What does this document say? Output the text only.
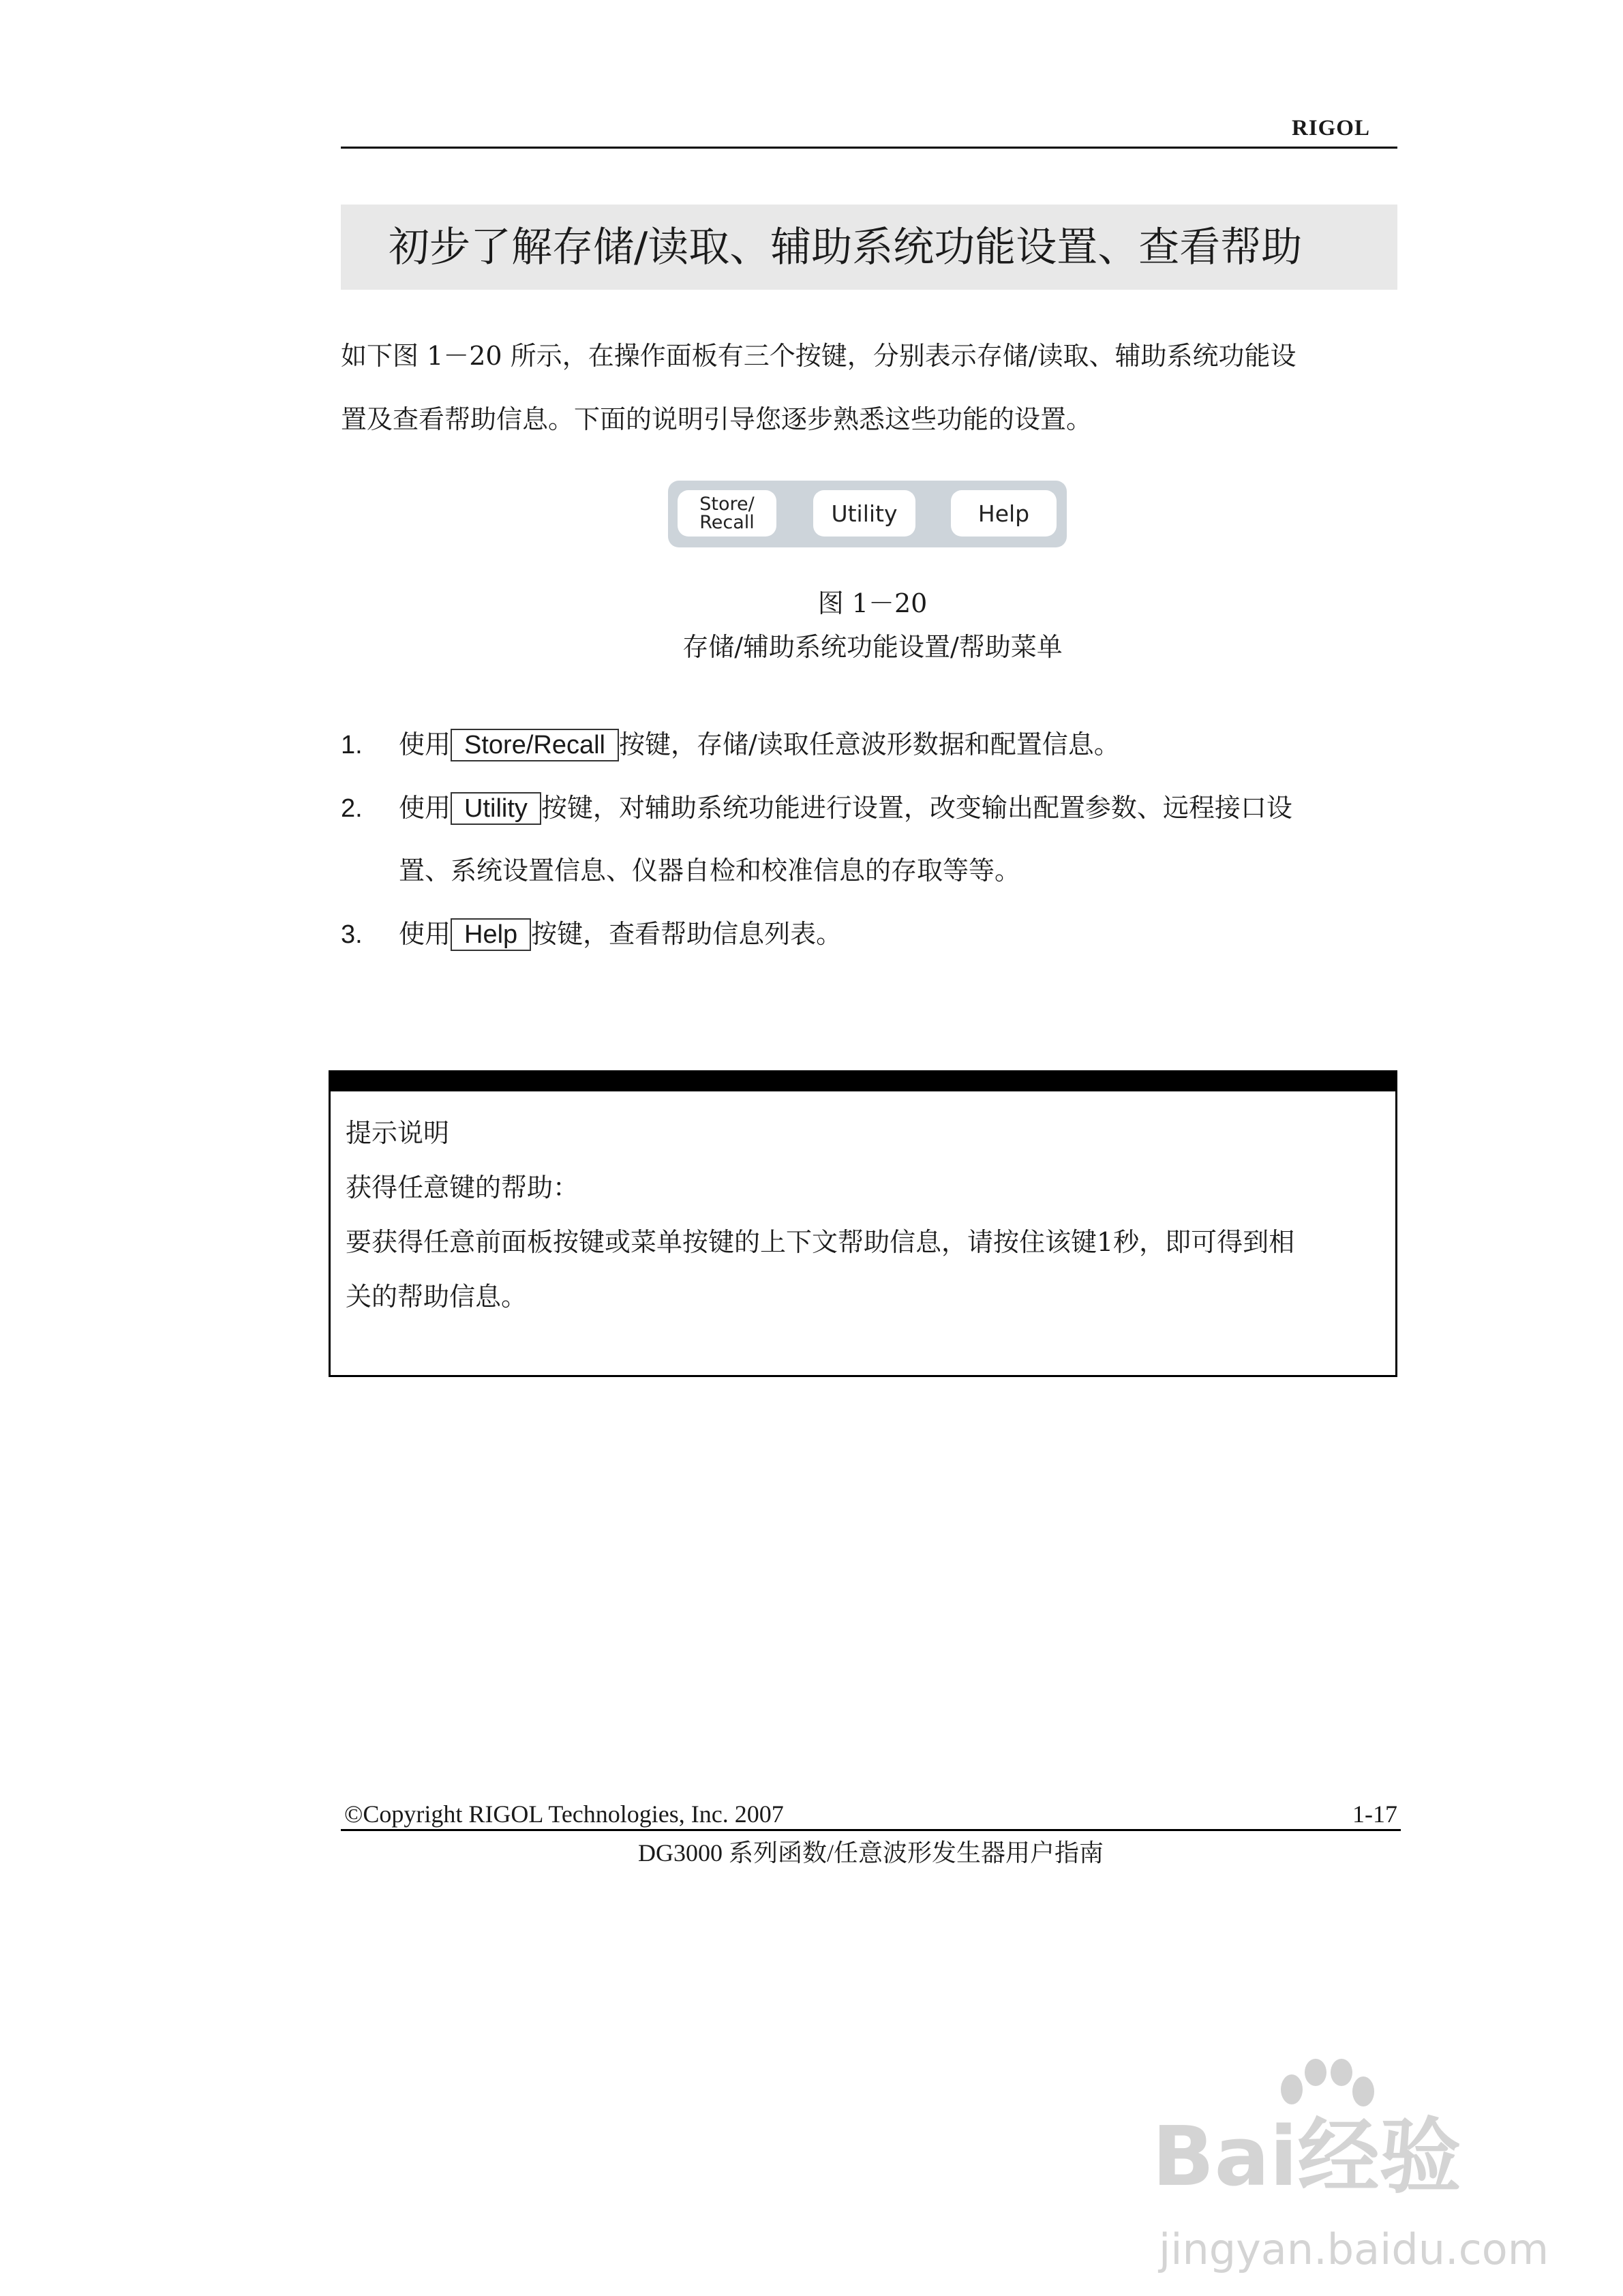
RIGOL
初步了解存储/读取、辅助系统功能设置、查看帮助
如下图 1－20 所示，在操作面板有三个按键，分别表示存储/读取、辅助系统功能设
置及查看帮助信息。下面的说明引导您逐步熟悉这些功能的设置。
Store/
Recall	Utility	Help
图 1－20
存储/辅助系统功能设置/帮助菜单
1. 使用 Store/Recall 按键，存储/读取任意波形数据和配置信息。
2. 使用 Utility 按键，对辅助系统功能进行设置，改变输出配置参数、远程接口设
置、系统设置信息、仪器自检和校准信息的存取等等。
3. 使用 Help 按键，查看帮助信息列表。
提示说明
获得任意键的帮助：
要获得任意前面板按键或菜单按键的上下文帮助信息，请按住该键1秒，即可得到相
关的帮助信息。
©Copyright RIGOL Technologies, Inc. 2007	1-17
DG3000 系列函数/任意波形发生器用户指南
Bai经验
jingyan.baidu.com
